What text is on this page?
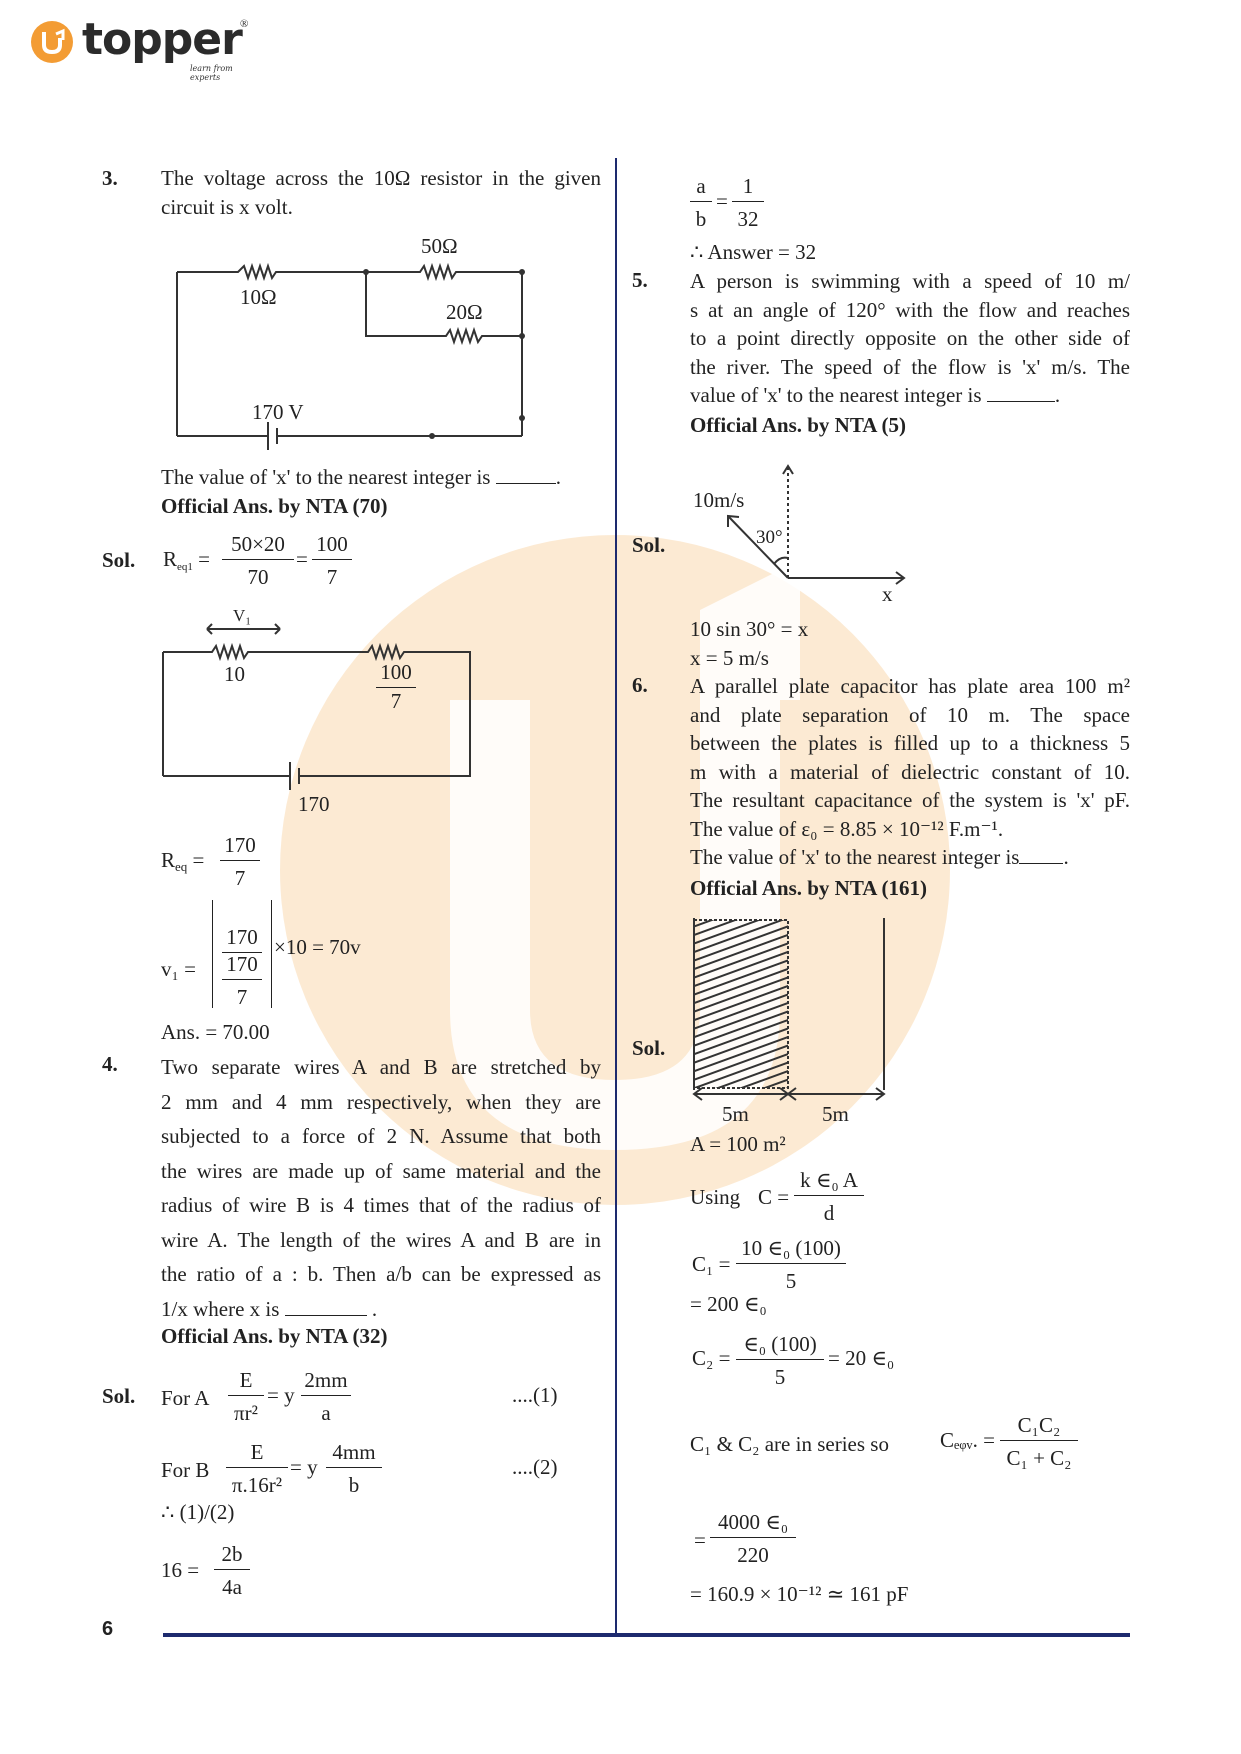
topper
®
learn from experts
6
3. The voltage across the 10Ω resistor in the given
circuit is x volt.
50Ω
10Ω
20Ω
170 V
The value of 'x' to the nearest integer is	.
Official Ans. by NTA (70)
Sol. $R_{eq1} = \frac{50\times 20}{70} = \frac{100}{7}$
V₁
10	$\frac{100}{7}$
170
$R_{eq} = \frac{170}{7}$
v₁ =
170
$\frac{170}{7}$
×10 = 70v
Ans. = 70.00
4. Two separate wires A and B are stretched by
2 mm and 4 mm respectively, when they are
subjected to a force of 2 N. Assume that both
the wires are made up of same material and the
radius of wire B is 4 times that of the radius of
wire A. The length of the wires A and B are in
the ratio of a : b. Then a/b can be expressed as
1/x where x is	.
Official Ans. by NTA (32)
Sol. For A $\frac{E}{\text{πr²}} = y \frac{2mm}{a}$	....(1)
For B $\frac{E}{\text{π.16r²}} = y \frac{4mm}{b}$	....(2)
∴ (1)/(2)
$16 = \frac{2b}{4a}$
$\frac{a}{b} = \frac{1}{32}$
∴ Answer = 32
5. A person is swimming with a speed of 10 m/
s at an angle of 120° with the flow and reaches
to a point directly opposite on the other side of
the river. The speed of the flow is 'x' m/s. The
value of 'x' to the nearest integer is	.
Official Ans. by NTA (5)
Sol.
10m/s
30°
x
10 sin 30° = x
x = 5 m/s
6. A parallel plate capacitor has plate area 100 m²
and plate separation of 10 m. The space
between the plates is filled up to a thickness 5
m with a material of dielectric constant of 10.
The resultant capacitance of the system is 'x' pF.
The value of ε₀ = 8.85 × 10⁻¹² F.m⁻¹.
The value of 'x' to the nearest integer is .
Official Ans. by NTA (161)
Sol.
5m	5m
A = 100 m²
Using $C = \frac{\text{k ∈₀ A}}{d}$
$C_1 = \frac{\text{10 ∈₀ (100)}}{5}$
= 200 ∈₀
$C_2 = \frac{\text{∈₀ (100)}}{5} = 20$ ∈₀
C₁ & C₂ are in series so Cₑᵩᵥ. = $\frac{\text{C₁C₂}}{\text{C₁ + C₂}}$
= $\frac{\text{4000 ∈₀}}{220}$
= 160.9 × 10⁻¹² ≃ 161 pF
